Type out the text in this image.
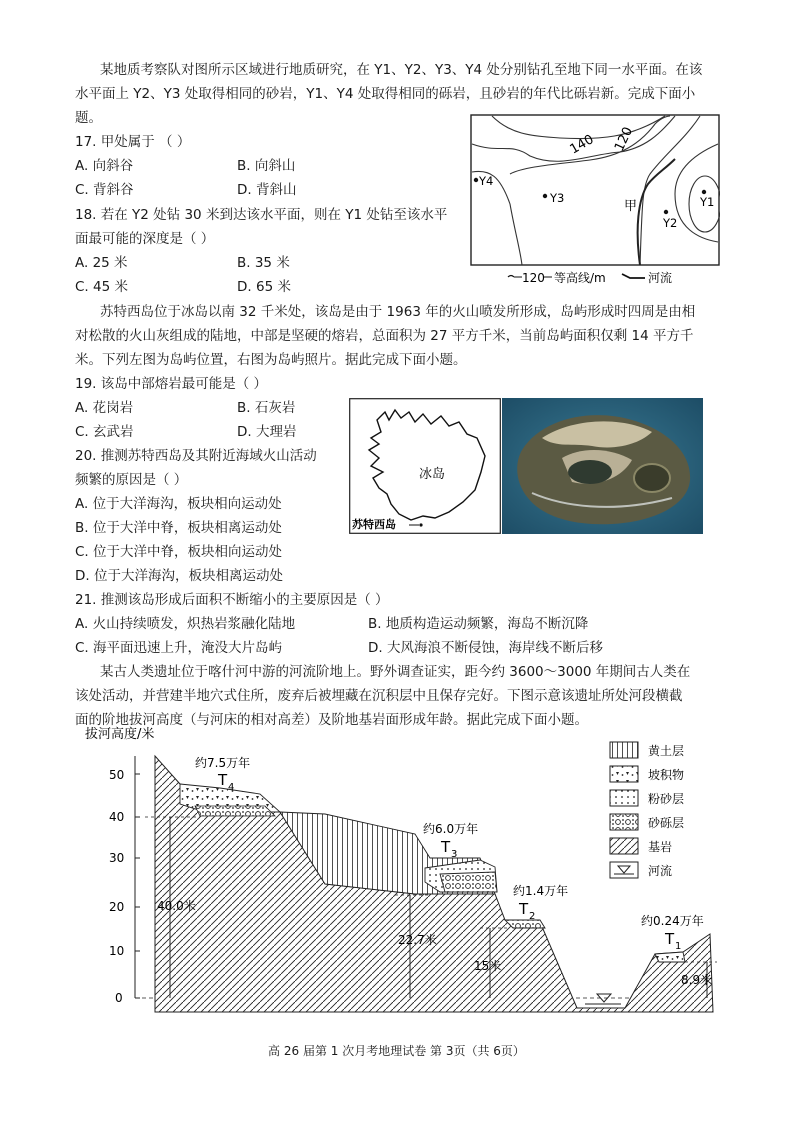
某地质考察队对图所示区域进行地质研究，在 Y1、Y2、Y3、Y4 处分别钻孔至地下同一水平面。在该
水平面上 Y2、Y3 处取得相同的砂岩，Y1、Y4 处取得相同的砾岩，且砂岩的年代比砾岩新。完成下面小
题。
17. 甲处属于 （ ）
A. 向斜谷	B. 向斜山
C. 背斜谷	D. 背斜山
18. 若在 Y2 处钻 30 米到达该水平面，则在 Y1 处钻至该水平
面最可能的深度是（ ）
A. 25 米	B. 35 米
C. 45 米	D. 65 米
140 120
Y4
Y3
甲
Y2
Y1
120 等高线/m	河流
苏特西岛位于冰岛以南 32 千米处，该岛是由于 1963 年的火山喷发所形成，岛屿形成时四周是由相
对松散的火山灰组成的陆地，中部是坚硬的熔岩，总面积为 27 平方千米，当前岛屿面积仅剩 14 平方千
米。下列左图为岛屿位置，右图为岛屿照片。据此完成下面小题。
19. 该岛中部熔岩最可能是（ ）
A. 花岗岩	B. 石灰岩
C. 玄武岩	D. 大理岩
20. 推测苏特西岛及其附近海域火山活动
频繁的原因是（ ）
A. 位于大洋海沟，板块相向运动处
B. 位于大洋中脊，板块相离运动处
C. 位于大洋中脊，板块相向运动处
D. 位于大洋海沟，板块相离运动处
冰岛
苏特西岛
21. 推测该岛形成后面积不断缩小的主要原因是（ ）
A. 火山持续喷发，炽热岩浆融化陆地	B. 地质构造运动频繁，海岛不断沉降
C. 海平面迅速上升，淹没大片岛屿	D. 大风海浪不断侵蚀，海岸线不断后移
某古人类遗址位于喀什河中游的河流阶地上。野外调查证实，距今约 3600～3000 年期间古人类在
该处活动，并营建半地穴式住所，废弃后被埋藏在沉积层中且保存完好。下图示意该遗址所处河段横截
面的阶地拔河高度（与河床的相对高差）及阶地基岩面形成年龄。据此完成下面小题。
拔河高度/米
50
40
30
20
10
0
40.0米
22.7米
15米
8.9米
约7.5万年
T 4
约6.0万年
T 3
约1.4万年
T 2	约0.24万年
T 1
黄土层
坡积物
粉砂层
砂砾层
基岩
河流
高 26 届第 1 次月考地理试卷 第 3页（共 6页）
